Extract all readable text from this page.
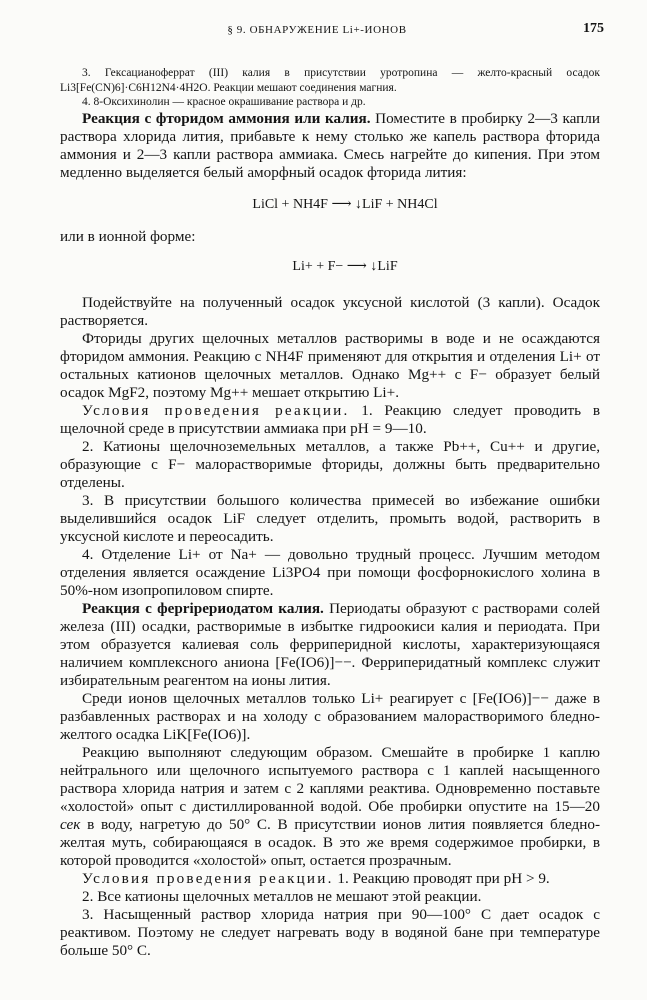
§ 9. ОБНАРУЖЕНИЕ Li+-ИОНОВ	175

3. Гексацианоферрат (III) калия в присутствии уротропина — желто-красный осадок Li3[Fe(CN)6]·C6H12N4·4H2O. Реакции мешают соединения магния.

4. 8-Оксихинолин — красное окрашивание раствора и др.

Реакция с фторидом аммония или калия. Поместите в пробирку 2—3 капли раствора хлорида лития, прибавьте к нему столько же капель раствора фторида аммония и 2—3 капли раствора аммиака. Смесь нагрейте до кипения. При этом медленно выделяется белый аморфный осадок фторида лития:

LiCl + NH4F ⟶ ↓LiF + NH4Cl

или в ионной форме:

Li+ + F− ⟶ ↓LiF

Подействуйте на полученный осадок уксусной кислотой (3 капли). Осадок растворяется.

Фториды других щелочных металлов растворимы в воде и не осаждаются фторидом аммония. Реакцию с NH4F применяют для открытия и отделения Li+ от остальных катионов щелочных металлов. Однако Mg++ с F− образует белый осадок MgF2, поэтому Mg++ мешает открытию Li+.

Условия проведения реакции. 1. Реакцию следует проводить в щелочной среде в присутствии аммиака при pH = 9—10.

2. Катионы щелочноземельных металлов, а также Pb++, Cu++ и другие, образующие с F− малорастворимые фториды, должны быть предварительно отделены.

3. В присутствии большого количества примесей во избежание ошибки выделившийся осадок LiF следует отделить, промыть водой, растворить в уксусной кислоте и переосадить.

4. Отделение Li+ от Na+ — довольно трудный процесс. Лучшим методом отделения является осаждение Li3PO4 при помощи фосфорнокислого холина в 50%-ном изопропиловом спирте.

Реакция с ферripериодатом калия. Периодаты образуют с растворами солей железа (III) осадки, растворимые в избытке гидроокиси калия и периодата. При этом образуется калиевая соль ферриперидной кислоты, характеризующаяся наличием комплексного аниона [Fe(IO6)]−−. Ферриперидатный комплекс служит избирательным реагентом на ионы лития.

Среди ионов щелочных металлов только Li+ реагирует с [Fe(IO6)]−− даже в разбавленных растворах и на холоду с образованием малорастворимого бледно-желтого осадка LiK[Fe(IO6)].

Реакцию выполняют следующим образом. Смешайте в пробирке 1 каплю нейтрального или щелочного испытуемого раствора с 1 каплей насыщенного раствора хлорида натрия и затем с 2 каплями реактива. Одновременно поставьте «холостой» опыт с дистиллированной водой. Обе пробирки опустите на 15—20 сек в воду, нагретую до 50° С. В присутствии ионов лития появляется бледно-желтая муть, собирающаяся в осадок. В это же время содержимое пробирки, в которой проводится «холостой» опыт, остается прозрачным.

Условия проведения реакции. 1. Реакцию проводят при pH > 9.

2. Все катионы щелочных металлов не мешают этой реакции.

3. Насыщенный раствор хлорида натрия при 90—100° С дает осадок с реактивом. Поэтому не следует нагревать воду в водяной бане при температуре больше 50° С.
